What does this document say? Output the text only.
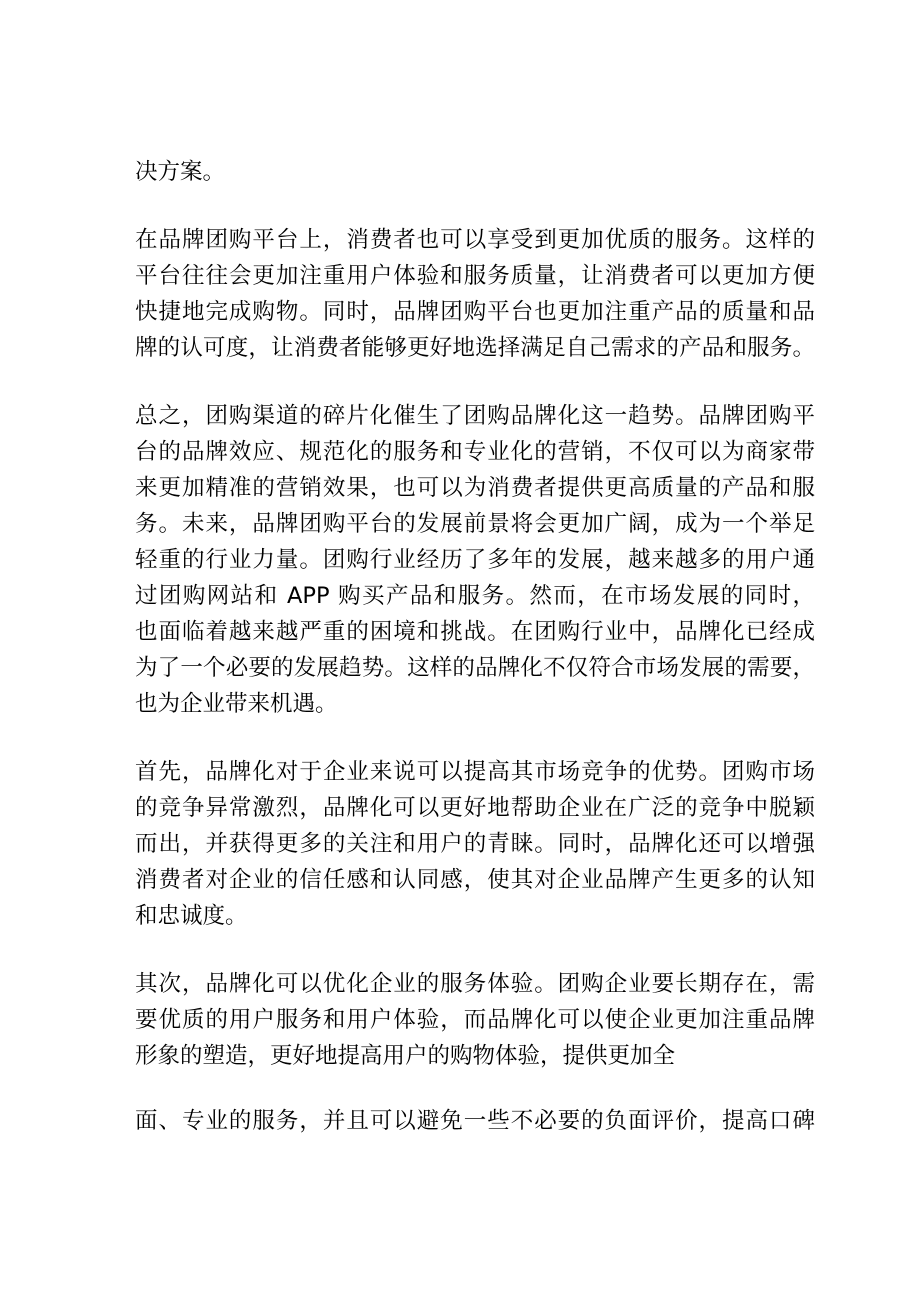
决方案。
在品牌团购平台上，消费者也可以享受到更加优质的服务。这样的
平台往往会更加注重用户体验和服务质量，让消费者可以更加方便
快捷地完成购物。同时，品牌团购平台也更加注重产品的质量和品
牌的认可度，让消费者能够更好地选择满足自己需求的产品和服务。
总之，团购渠道的碎片化催生了团购品牌化这一趋势。品牌团购平
台的品牌效应、规范化的服务和专业化的营销，不仅可以为商家带
来更加精准的营销效果，也可以为消费者提供更高质量的产品和服
务。未来，品牌团购平台的发展前景将会更加广阔，成为一个举足
轻重的行业力量。团购行业经历了多年的发展，越来越多的用户通
过团购网站和 APP 购买产品和服务。然而，在市场发展的同时，
也面临着越来越严重的困境和挑战。在团购行业中，品牌化已经成
为了一个必要的发展趋势。这样的品牌化不仅符合市场发展的需要，
也为企业带来机遇。
首先，品牌化对于企业来说可以提高其市场竞争的优势。团购市场
的竞争异常激烈，品牌化可以更好地帮助企业在广泛的竞争中脱颖
而出，并获得更多的关注和用户的青睐。同时，品牌化还可以增强
消费者对企业的信任感和认同感，使其对企业品牌产生更多的认知
和忠诚度。
其次，品牌化可以优化企业的服务体验。团购企业要长期存在，需
要优质的用户服务和用户体验，而品牌化可以使企业更加注重品牌
形象的塑造，更好地提高用户的购物体验，提供更加全
面、专业的服务，并且可以避免一些不必要的负面评价，提高口碑
